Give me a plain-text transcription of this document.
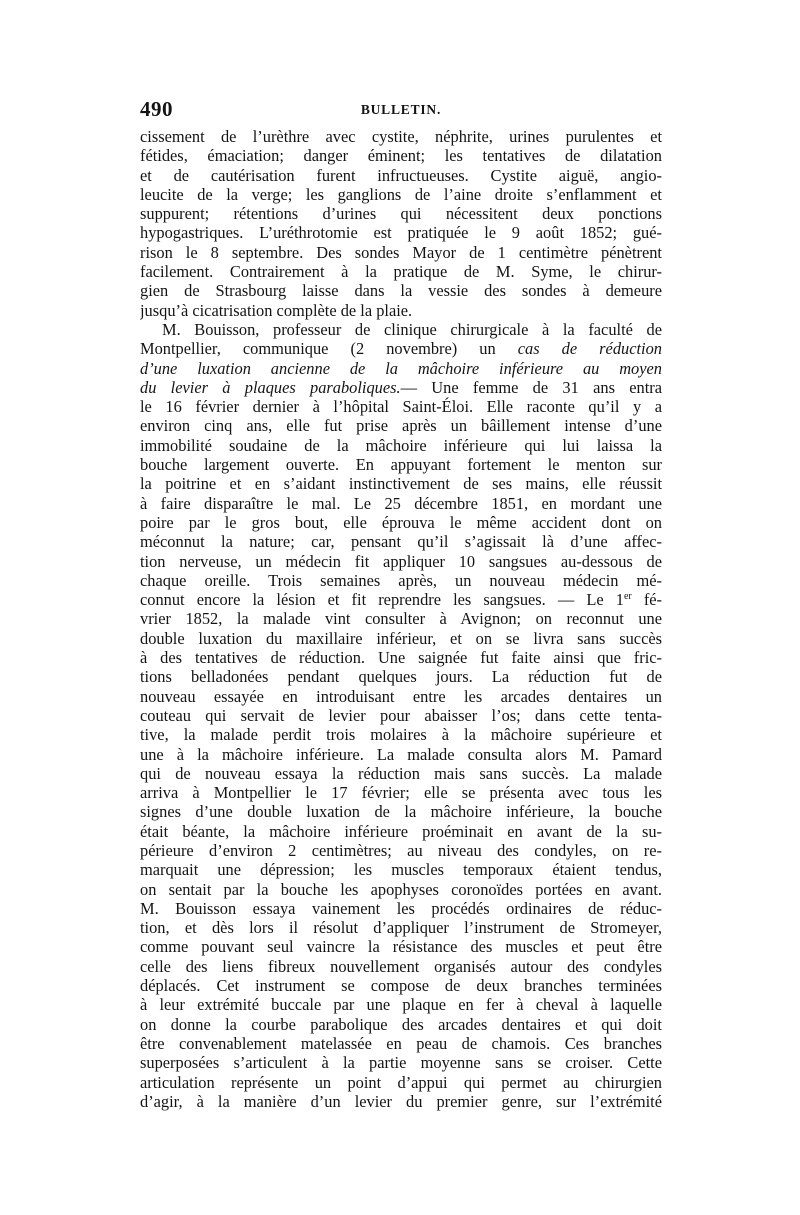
490	BULLETIN.
cissement de l’urèthre avec cystite, néphrite, urines purulentes et
fétides, émaciation; danger éminent; les tentatives de dilatation
et de cautérisation furent infructueuses. Cystite aiguë, angio-
leucite de la verge; les ganglions de l’aine droite s’enflamment et
suppurent; rétentions d’urines qui nécessitent deux ponctions
hypogastriques. L’uréthrotomie est pratiquée le 9 août 1852; gué-
rison le 8 septembre. Des sondes Mayor de 1 centimètre pénètrent
facilement. Contrairement à la pratique de M. Syme, le chirur-
gien de Strasbourg laisse dans la vessie des sondes à demeure
jusqu’à cicatrisation complète de la plaie.
M. Bouisson, professeur de clinique chirurgicale à la faculté de
Montpellier, communique (2 novembre) un cas de réduction
d’une luxation ancienne de la mâchoire inférieure au moyen
du levier à plaques paraboliques.— Une femme de 31 ans entra
le 16 février dernier à l’hôpital Saint-Éloi. Elle raconte qu’il y a
environ cinq ans, elle fut prise après un bâillement intense d’une
immobilité soudaine de la mâchoire inférieure qui lui laissa la
bouche largement ouverte. En appuyant fortement le menton sur
la poitrine et en s’aidant instinctivement de ses mains, elle réussit
à faire disparaître le mal. Le 25 décembre 1851, en mordant une
poire par le gros bout, elle éprouva le même accident dont on
méconnut la nature; car, pensant qu’il s’agissait là d’une affec-
tion nerveuse, un médecin fit appliquer 10 sangsues au-dessous de
chaque oreille. Trois semaines après, un nouveau médecin mé-
connut encore la lésion et fit reprendre les sangsues. — Le 1er fé-
vrier 1852, la malade vint consulter à Avignon; on reconnut une
double luxation du maxillaire inférieur, et on se livra sans succès
à des tentatives de réduction. Une saignée fut faite ainsi que fric-
tions belladonées pendant quelques jours. La réduction fut de
nouveau essayée en introduisant entre les arcades dentaires un
couteau qui servait de levier pour abaisser l’os; dans cette tenta-
tive, la malade perdit trois molaires à la mâchoire supérieure et
une à la mâchoire inférieure. La malade consulta alors M. Pamard
qui de nouveau essaya la réduction mais sans succès. La malade
arriva à Montpellier le 17 février; elle se présenta avec tous les
signes d’une double luxation de la mâchoire inférieure, la bouche
était béante, la mâchoire inférieure proéminait en avant de la su-
périeure d’environ 2 centimètres; au niveau des condyles, on re-
marquait une dépression; les muscles temporaux étaient tendus,
on sentait par la bouche les apophyses coronoïdes portées en avant.
M. Bouisson essaya vainement les procédés ordinaires de réduc-
tion, et dès lors il résolut d’appliquer l’instrument de Stromeyer,
comme pouvant seul vaincre la résistance des muscles et peut être
celle des liens fibreux nouvellement organisés autour des condyles
déplacés. Cet instrument se compose de deux branches terminées
à leur extrémité buccale par une plaque en fer à cheval à laquelle
on donne la courbe parabolique des arcades dentaires et qui doit
être convenablement matelassée en peau de chamois. Ces branches
superposées s’articulent à la partie moyenne sans se croiser. Cette
articulation représente un point d’appui qui permet au chirurgien
d’agir, à la manière d’un levier du premier genre, sur l’extrémité
